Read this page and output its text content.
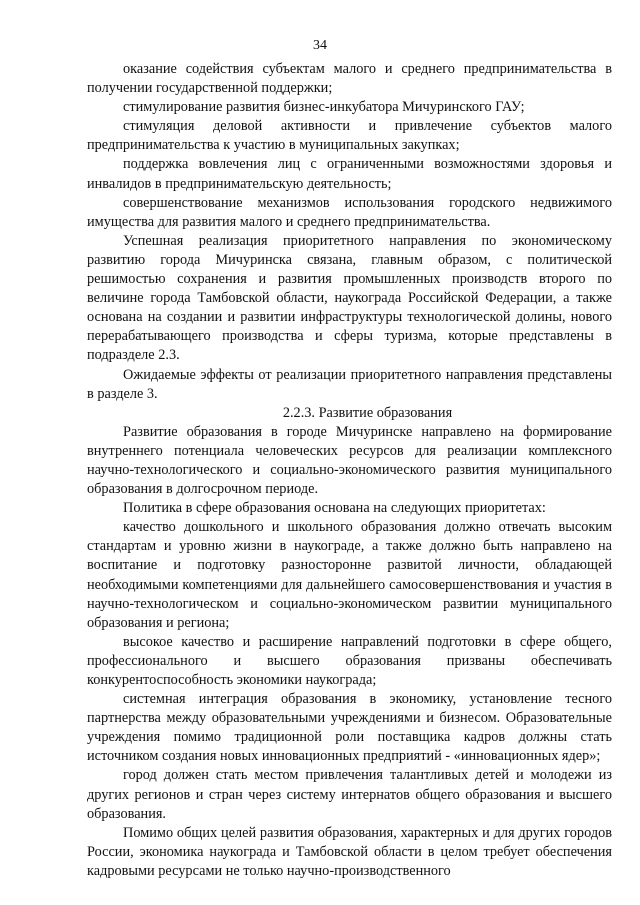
34

оказание содействия субъектам малого и среднего предпринимательства в получении государственной поддержки;

стимулирование развития бизнес-инкубатора Мичуринского ГАУ;

стимуляция деловой активности и привлечение субъектов малого предпринимательства к участию в муниципальных закупках;

поддержка вовлечения лиц с ограниченными возможностями здоровья и инвалидов в предпринимательскую деятельность;

совершенствование механизмов использования городского недвижимого имущества для развития малого и среднего предпринимательства.

Успешная реализация приоритетного направления по экономическому развитию города Мичуринска связана, главным образом, с политической решимостью сохранения и развития промышленных производств второго по величине города Тамбовской области, наукограда Российской Федерации, а также основана на создании и развитии инфраструктуры технологической долины, нового перерабатывающего производства и сферы туризма, которые представлены в подразделе 2.3.

Ожидаемые эффекты от реализации приоритетного направления представлены в разделе 3.

2.2.3. Развитие образования

Развитие образования в городе Мичуринске направлено на формирование внутреннего потенциала человеческих ресурсов для реализации комплексного научно-технологического и социально-экономического развития муниципального образования в долгосрочном периоде.

Политика в сфере образования основана на следующих приоритетах:

качество дошкольного и школьного образования должно отвечать высоким стандартам и уровню жизни в наукограде, а также должно быть направлено на воспитание и подготовку разносторонне развитой личности, обладающей необходимыми компетенциями для дальнейшего самосовершенствования и участия в научно-технологическом и социально-экономическом развитии муниципального образования и региона;

высокое качество и расширение направлений подготовки в сфере общего, профессионального и высшего образования призваны обеспечивать конкурентоспособность экономики наукограда;

системная интеграция образования в экономику, установление тесного партнерства между образовательными учреждениями и бизнесом. Образовательные учреждения помимо традиционной роли поставщика кадров должны стать источником создания новых инновационных предприятий - «инновационных ядер»;

город должен стать местом привлечения талантливых детей и молодежи из других регионов и стран через систему интернатов общего образования и высшего образования.

Помимо общих целей развития образования, характерных и для других городов России, экономика наукограда и Тамбовской области в целом требует обеспечения кадровыми ресурсами не только научно-производственного
